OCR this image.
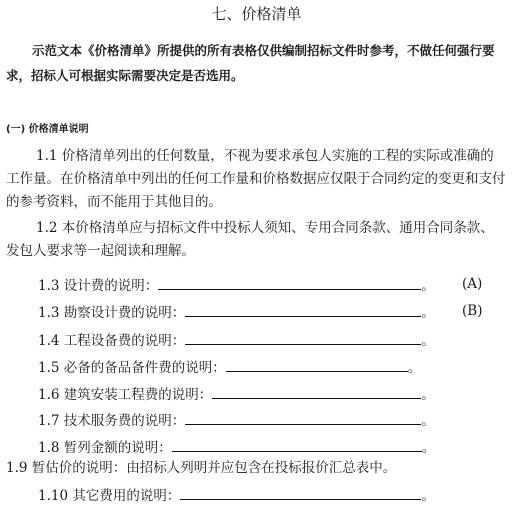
七、价格清单
示范文本《价格清单》所提供的所有表格仅供编制招标文件时参考，不做任何强行要求，招标人可根据实际需要决定是否选用。
(一) 价格清单说明
1.1 价格清单列出的任何数量，不视为要求承包人实施的工程的实际或准确的工作量。在价格清单中列出的任何工作量和价格数据应仅限于合同约定的变更和支付的参考资料，而不能用于其他目的。
1.2 本价格清单应与招标文件中投标人须知、专用合同条款、通用合同条款、发包人要求等一起阅读和理解。
1.3 设计费的说明：	。 (A)
1.3 勘察设计费的说明：	。 (B)
1.4 工程设备费的说明：	。
1.5 必备的备品备件费的说明：	。
1.6 建筑安装工程费的说明：	。
1.7 技术服务费的说明：	。
1.8 暂列金额的说明：	。
1.9 暂估价的说明：由招标人列明并应包含在投标报价汇总表中。
1.10 其它费用的说明：	。
